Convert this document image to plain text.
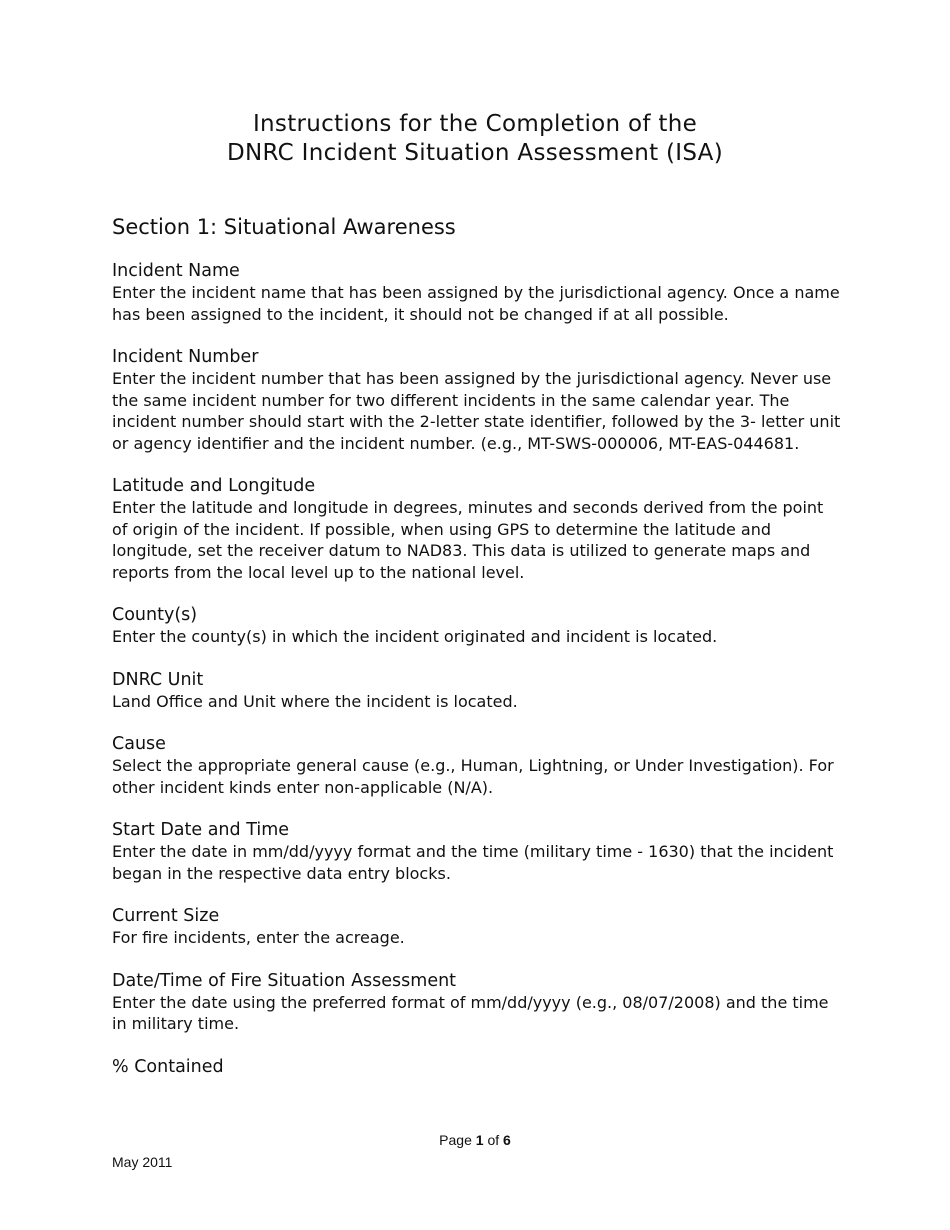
Instructions for the Completion of the
DNRC Incident Situation Assessment (ISA)
Section 1: Situational Awareness

Incident Name

Enter the incident name that has been assigned by the jurisdictional agency. Once a name has been assigned to the incident, it should not be changed if at all possible.

Incident Number

Enter the incident number that has been assigned by the jurisdictional agency. Never use the same incident number for two different incidents in the same calendar year. The incident number should start with the 2-letter state identifier, followed by the 3- letter unit or agency identifier and the incident number. (e.g., MT-SWS-000006, MT-EAS-044681.

Latitude and Longitude

Enter the latitude and longitude in degrees, minutes and seconds derived from the point of origin of the incident. If possible, when using GPS to determine the latitude and longitude, set the receiver datum to NAD83. This data is utilized to generate maps and reports from the local level up to the national level.

County(s)

Enter the county(s) in which the incident originated and incident is located.

DNRC Unit

Land Office and Unit where the incident is located.

Cause

Select the appropriate general cause (e.g., Human, Lightning, or Under Investigation). For other incident kinds enter non-applicable (N/A).

Start Date and Time

Enter the date in mm/dd/yyyy format and the time (military time - 1630) that the incident began in the respective data entry blocks.

Current Size

For fire incidents, enter the acreage.

Date/Time of Fire Situation Assessment

Enter the date using the preferred format of mm/dd/yyyy (e.g., 08/07/2008) and the time in military time.

% Contained

Page 1 of 6
May 2011
